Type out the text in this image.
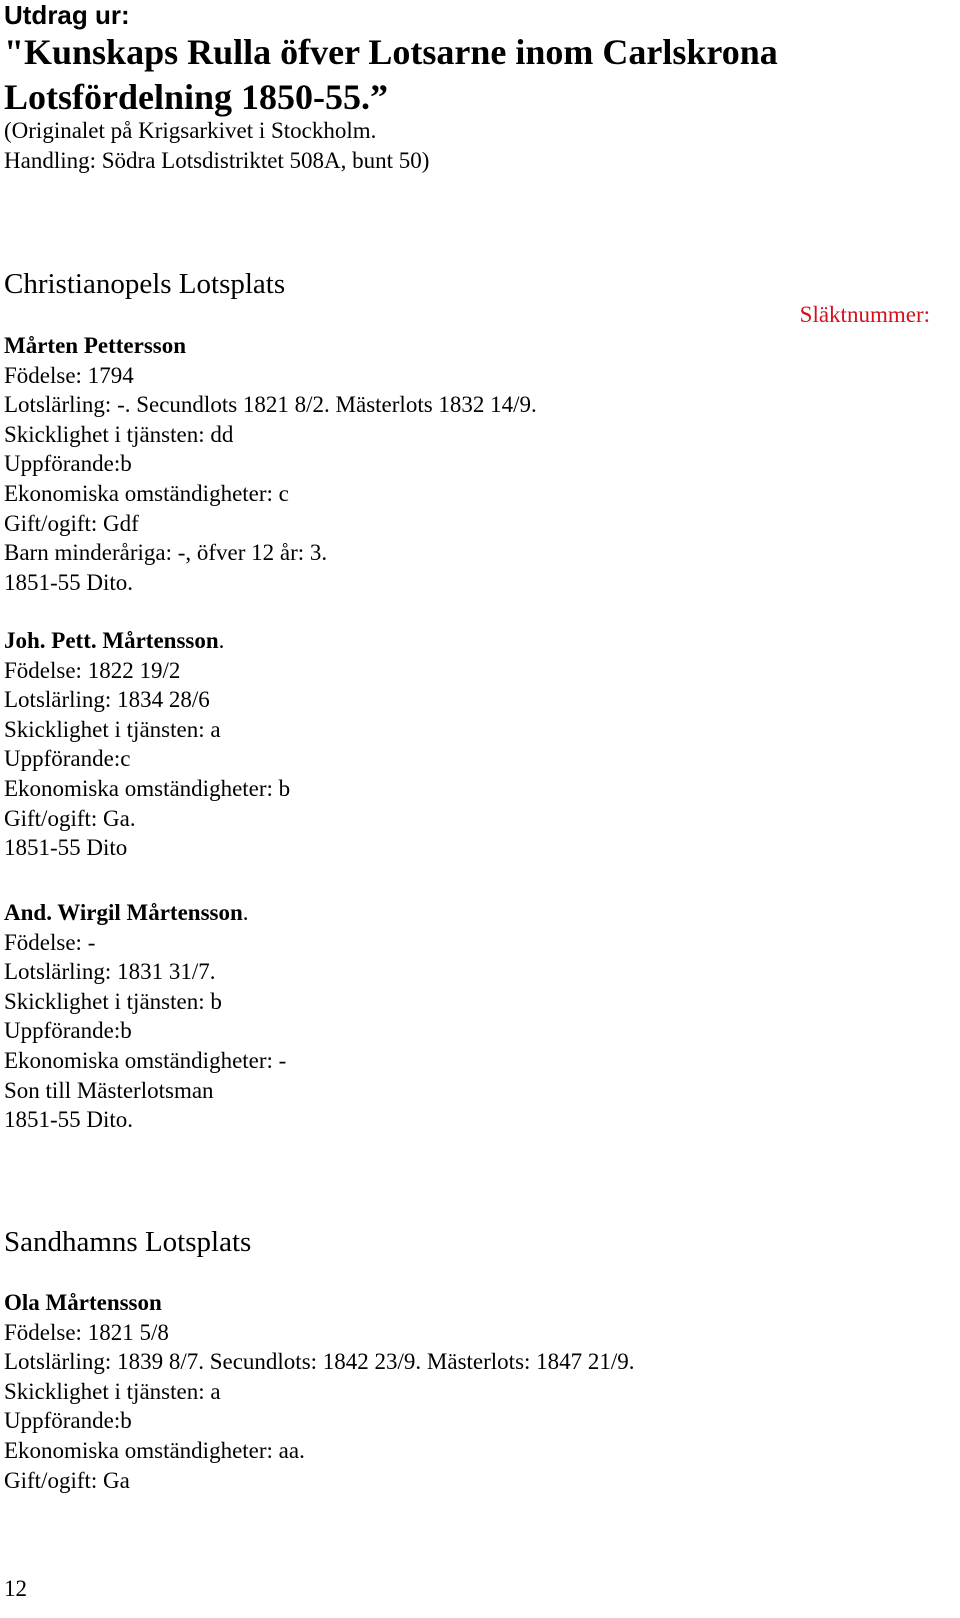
Utdrag ur:
"Kunskaps Rulla öfver Lotsarne inom Carlskrona
Lotsfördelning 1850-55.”
(Originalet på Krigsarkivet i Stockholm.
Handling: Södra Lotsdistriktet 508A, bunt 50)
Christianopels Lotsplats
Släktnummer:
Mårten Pettersson
Födelse: 1794
Lotslärling: -. Secundlots 1821 8/2. Mästerlots 1832 14/9.
Skicklighet i tjänsten: dd
Uppförande:b
Ekonomiska omständigheter: c
Gift/ogift: Gdf
Barn minderåriga: -, öfver 12 år: 3.
1851-55 Dito.
Joh. Pett. Mårtensson.
Födelse: 1822 19/2
Lotslärling: 1834 28/6
Skicklighet i tjänsten: a
Uppförande:c
Ekonomiska omständigheter: b
Gift/ogift: Ga.
1851-55 Dito
And. Wirgil Mårtensson.
Födelse: -
Lotslärling: 1831 31/7.
Skicklighet i tjänsten: b
Uppförande:b
Ekonomiska omständigheter: -
Son till Mästerlotsman
1851-55 Dito.
Sandhamns Lotsplats
Ola Mårtensson
Födelse: 1821 5/8
Lotslärling: 1839 8/7. Secundlots: 1842 23/9. Mästerlots: 1847 21/9.
Skicklighet i tjänsten: a
Uppförande:b
Ekonomiska omständigheter: aa.
Gift/ogift: Ga
12
